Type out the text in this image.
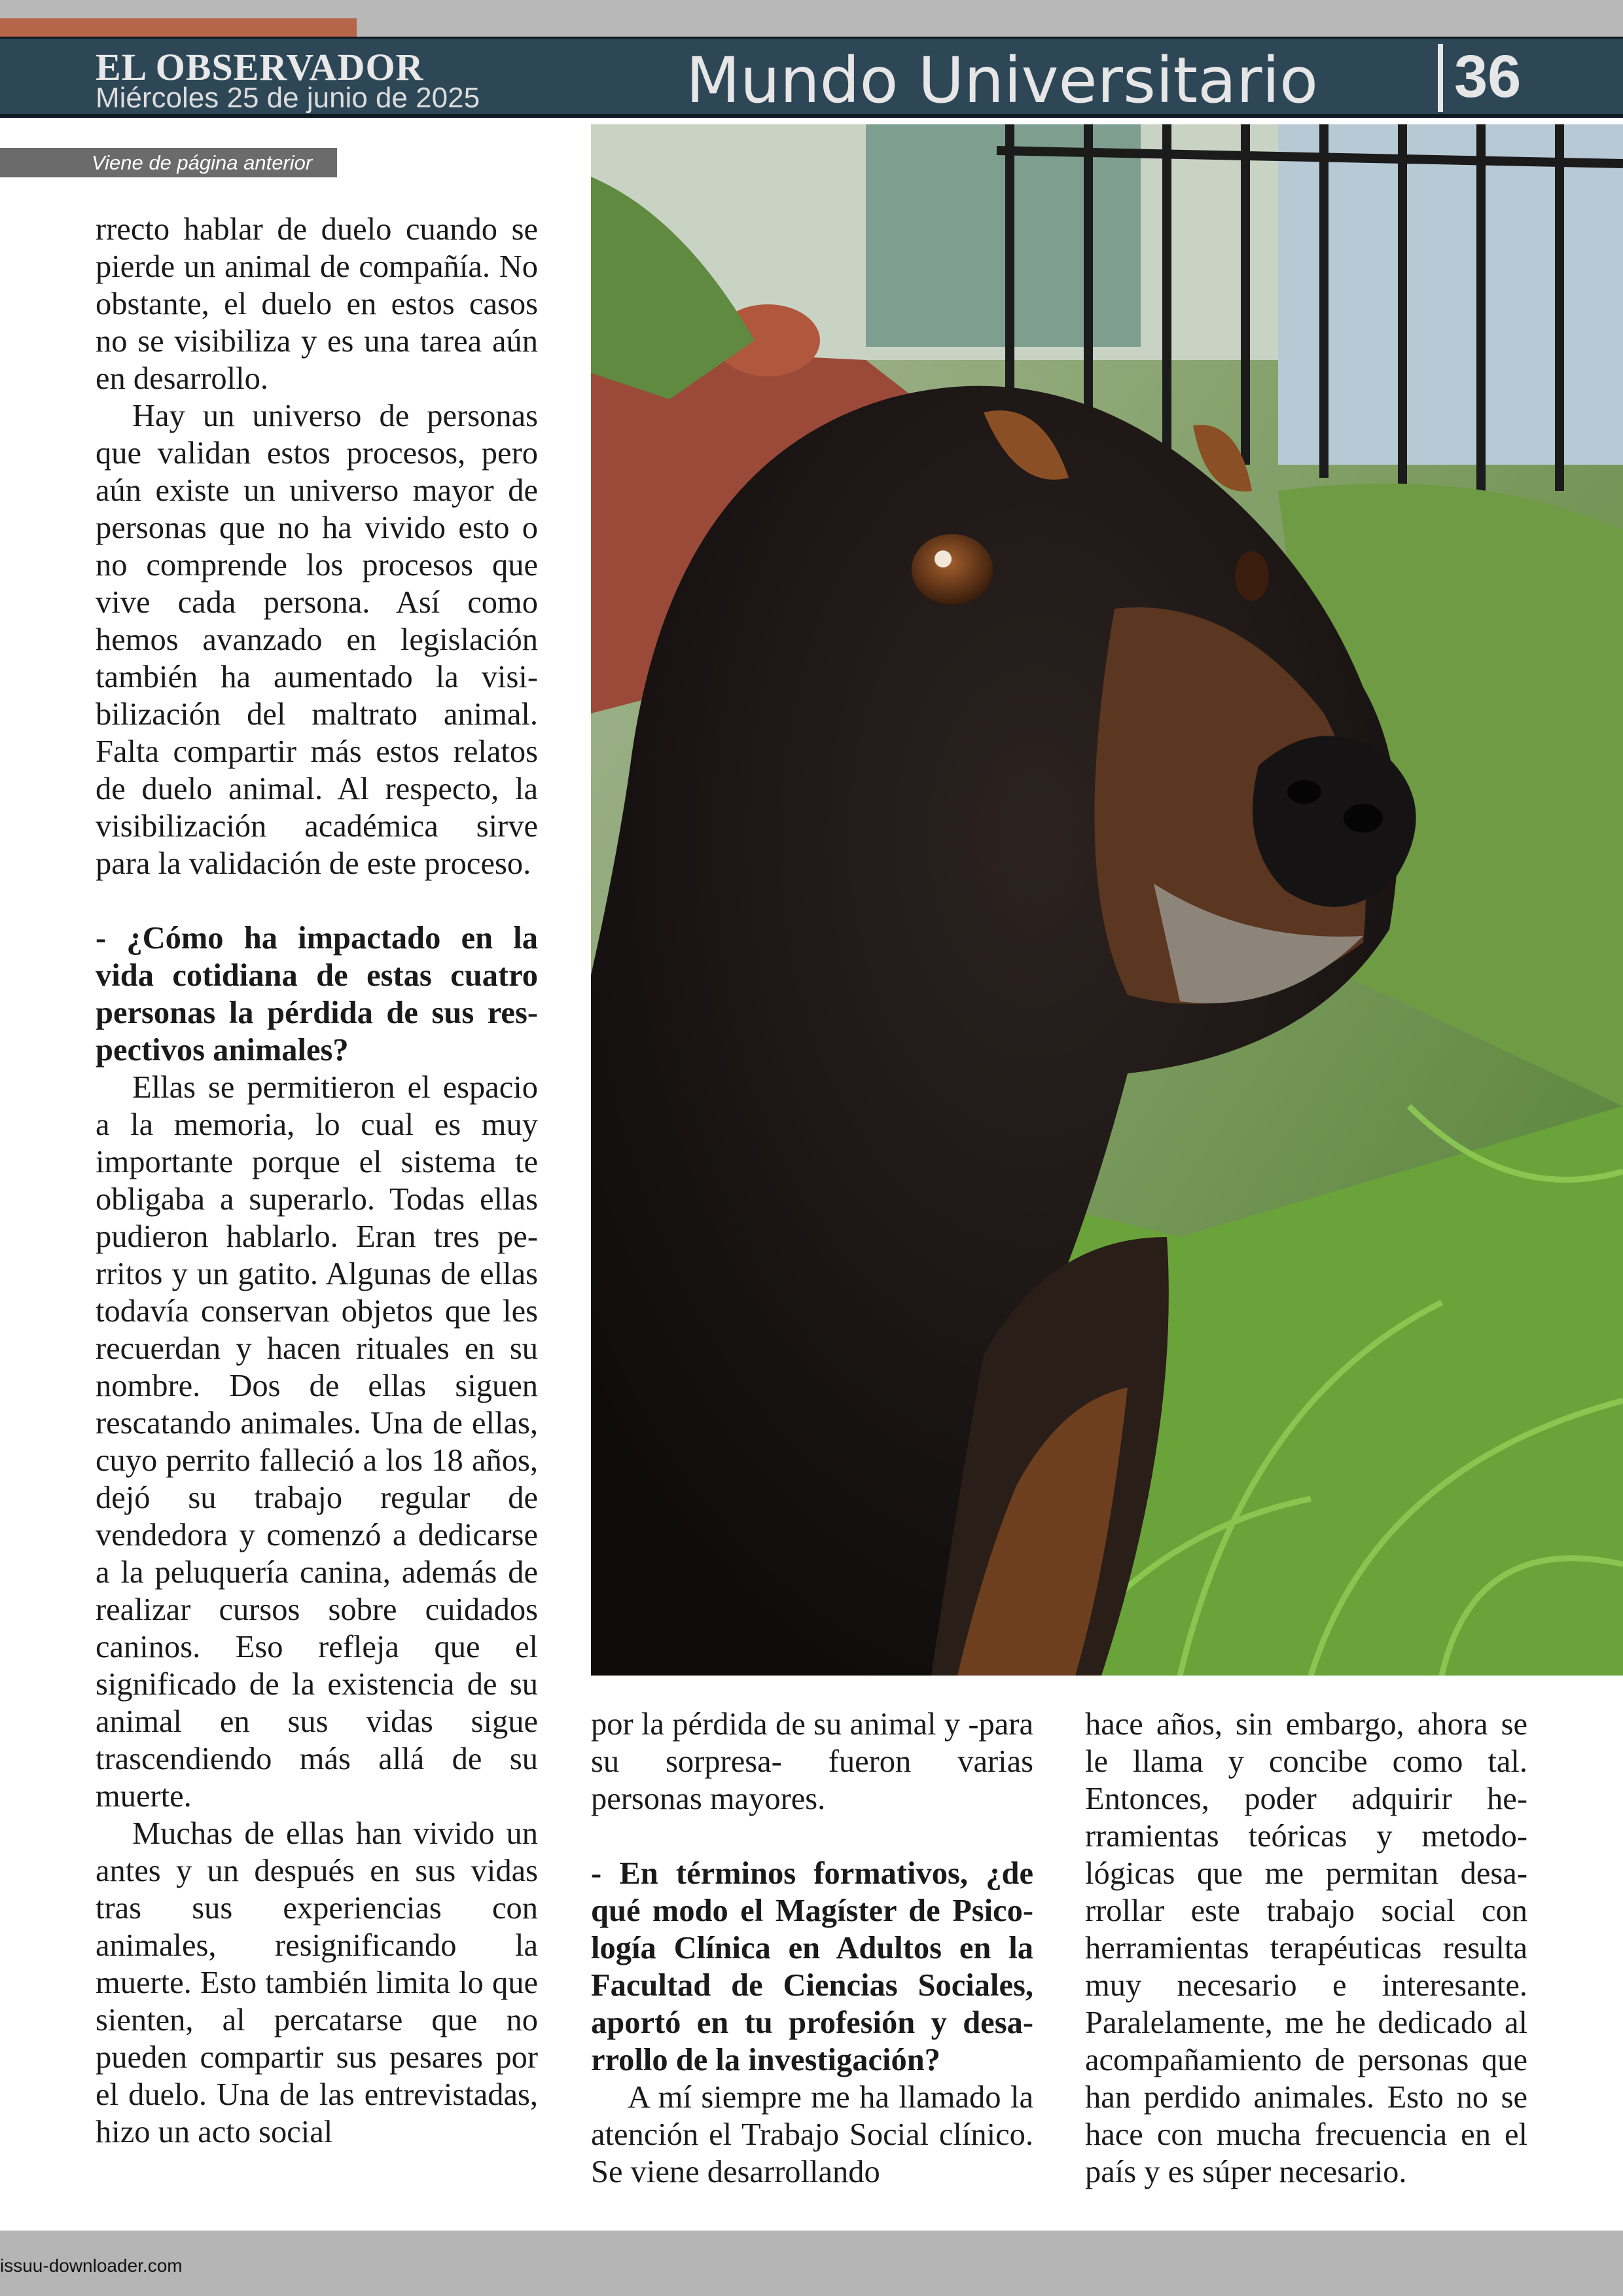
EL OBSERVADOR
Miércoles 25 de junio de 2025	Mundo Universitario 36
Viene de página anterior

rrecto hablar de duelo cuando se pierde un animal de compañía. No obstante, el duelo en estos casos no se visibiliza y es una tarea aún en desarrollo.

Hay un universo de personas que validan estos procesos, pero aún existe un universo mayor de personas que no ha vivido esto o no comprende los procesos que vive cada persona. Así como hemos avanzado en legislación también ha aumentado la visibilización del maltrato animal. Falta compartir más estos relatos de duelo animal. Al respecto, la visibilización académica sirve para la validación de este proceso.

- ¿Cómo ha impactado en la vida cotidiana de estas cuatro personas la pérdida de sus respectivos animales?

Ellas se permitieron el espacio a la memoria, lo cual es muy importante porque el sistema te obligaba a superarlo. Todas ellas pudieron hablarlo. Eran tres perritos y un gatito. Algunas de ellas todavía conservan objetos que les recuerdan y hacen rituales en su nombre. Dos de ellas siguen rescatando animales. Una de ellas, cuyo perrito falleció a los 18 años, dejó su trabajo regular de vendedora y comenzó a dedicarse a la peluquería canina, además de realizar cursos sobre cuidados caninos. Eso refleja que el significado de la existencia de su animal en sus vidas sigue trascendiendo más allá de su muerte.

Muchas de ellas han vivido un antes y un después en sus vidas tras sus experiencias con animales, resignificando la muerte. Esto también limita lo que sienten, al percatarse que no pueden compartir sus pesares por el duelo. Una de las entrevistadas, hizo un acto social

por la pérdida de su animal y -para su sorpresa- fueron varias personas mayores.

- En términos formativos, ¿de qué modo el Magíster de Psicología Clínica en Adultos en la Facultad de Ciencias Sociales, aportó en tu profesión y desarrollo de la investigación?

A mí siempre me ha llamado la atención el Trabajo Social clínico. Se viene desarrollando

hace años, sin embargo, ahora se le llama y concibe como tal. Entonces, poder adquirir herramientas teóricas y metodológicas que me permitan desarrollar este trabajo social con herramientas terapéuticas resulta muy necesario e interesante. Paralelamente, me he dedicado al acompañamiento de personas que han perdido animales. Esto no se hace con mucha frecuencia en el país y es súper necesario.

issuu-downloader.com
